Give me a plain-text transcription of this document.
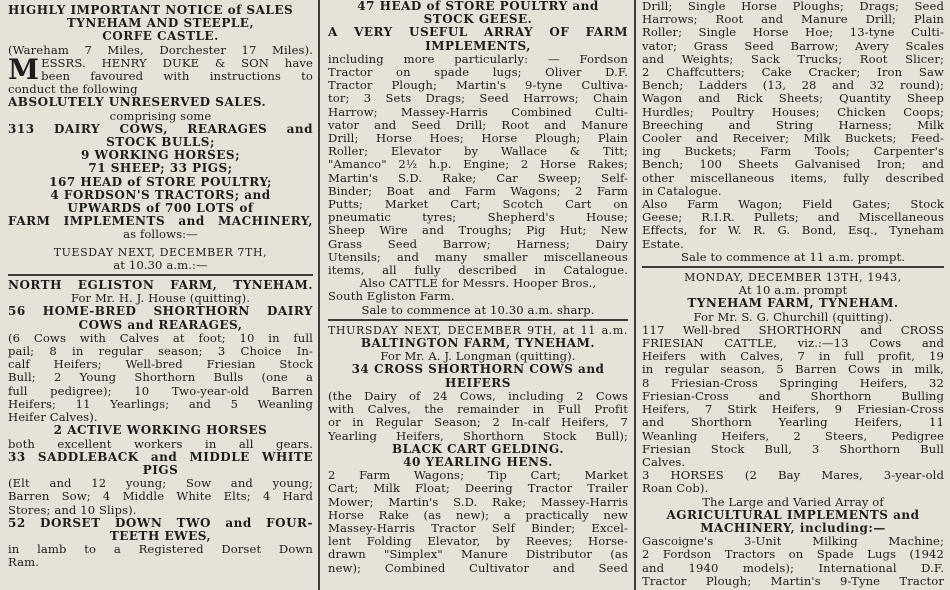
HIGHLY IMPORTANT NOTICE of SALES

TYNEHAM AND STEEPLE,

CORFE CASTLE.

(Wareham 7 Miles, Dorchester 17 Miles).

MESSRS. HENRY DUKE & SON have

been favoured with instructions to

conduct the following

ABSOLUTELY UNRESERVED SALES.

comprising some

313 DAIRY COWS, REARAGES and

STOCK BULLS;

9 WORKING HORSES;

71 SHEEP; 33 PIGS;

167 HEAD of STORE POULTRY;

4 FORDSON'S TRACTORS; and

UPWARDS of 700 LOTS of

FARM IMPLEMENTS and MACHINERY,

as follows:—

TUESDAY NEXT, DECEMBER 7TH,

at 10.30 a.m.:—

NORTH EGLISTON FARM, TYNEHAM.

For Mr. H. J. House (quitting).

56 HOME-BRED SHORTHORN DAIRY

COWS and REARAGES,

(6 Cows with Calves at foot; 10 in full

pail; 8 in regular season; 3 Choice In-

calf Heifers; Well-bred Friesian Stock

Bull; 2 Young Shorthorn Bulls (one a

full pedigree); 10 Two-year-old Barren

Heifers; 11 Yearlings; and 5 Weanling

Heifer Calves).

2 ACTIVE WORKING HORSES

both excellent workers in all gears.

33 SADDLEBACK and MIDDLE WHITE

PIGS

(Elt and 12 young; Sow and young;

Barren Sow; 4 Middle White Elts; 4 Hard

Stores; and 10 Slips).

52 DORSET DOWN TWO and FOUR-

TEETH EWES,

in lamb to a Registered Dorset Down

Ram.

47 HEAD of STORE POULTRY and

STOCK GEESE.

A VERY USEFUL ARRAY OF FARM

IMPLEMENTS,

including more particularly: — Fordson

Tractor on spade lugs; Oliver D.F.

Tractor Plough; Martin's 9-tyne Cultiva-

tor; 3 Sets Drags; Seed Harrows; Chain

Harrow; Massey-Harris Combined Culti-

vator and Seed Drill; Root and Manure

Drill; Horse Hoes; Horse Plough; Plain

Roller; Elevator by Wallace & Titt;

"Amanco" 2½ h.p. Engine; 2 Horse Rakes;

Martin's S.D. Rake; Car Sweep; Self-

Binder; Boat and Farm Wagons; 2 Farm

Putts; Market Cart; Scotch Cart on

pneumatic tyres; Shepherd's House;

Sheep Wire and Troughs; Pig Hut; New

Grass Seed Barrow; Harness; Dairy

Utensils; and many smaller miscellaneous

items, all fully described in Catalogue.

Also CATTLE for Messrs. Hooper Bros.,

South Egliston Farm.

Sale to commence at 10.30 a.m. sharp.

THURSDAY NEXT, DECEMBER 9TH, at 11 a.m.

BALTINGTON FARM, TYNEHAM.

For Mr. A. J. Longman (quitting).

34 CROSS SHORTHORN COWS and

HEIFERS

(the Dairy of 24 Cows, including 2 Cows

with Calves, the remainder in Full Profit

or in Regular Season; 2 In-calf Heifers, 7

Yearling Heifers, Shorthorn Stock Bull);

BLACK CART GELDING.

40 YEARLING HENS.

2 Farm Wagons; Tip Cart; Market

Cart; Milk Float; Deering Tractor Trailer

Mower; Martin's S.D. Rake; Massey-Harris

Horse Rake (as new); a practically new

Massey-Harris Tractor Self Binder; Excel-

lent Folding Elevator, by Reeves; Horse-

drawn "Simplex" Manure Distributor (as

new); Combined Cultivator and Seed

Drill; Single Horse Ploughs; Drags; Seed

Harrows; Root and Manure Drill; Plain

Roller; Single Horse Hoe; 13-tyne Culti-

vator; Grass Seed Barrow; Avery Scales

and Weights; Sack Trucks; Root Slicer;

2 Chaffcutters; Cake Cracker; Iron Saw

Bench; Ladders (13, 28 and 32 round);

Wagon and Rick Sheets; Quantity Sheep

Hurdles; Poultry Houses; Chicken Coops;

Breeching and String Harness; Milk

Cooler and Receiver; Milk Buckets; Feed-

ing Buckets; Farm Tools; Carpenter's

Bench; 100 Sheets Galvanised Iron; and

other miscellaneous items, fully described

in Catalogue.

Also Farm Wagon; Field Gates; Stock

Geese; R.I.R. Pullets; and Miscellaneous

Effects, for W. R. G. Bond, Esq., Tyneham

Estate.

Sale to commence at 11 a.m. prompt.

MONDAY, DECEMBER 13TH, 1943,

At 10 a.m. prompt

TYNEHAM FARM, TYNEHAM.

For Mr. S. G. Churchill (quitting).

117 Well-bred SHORTHORN and CROSS

FRIESIAN CATTLE, viz.:—13 Cows and

Heifers with Calves, 7 in full profit, 19

in regular season, 5 Barren Cows in milk,

8 Friesian-Cross Springing Heifers, 32

Friesian-Cross and Shorthorn Bulling

Heifers, 7 Stirk Heifers, 9 Friesian-Cross

and Shorthorn Yearling Heifers, 11

Weanling Heifers, 2 Steers, Pedigree

Friesian Stock Bull, 3 Shorthorn Bull

Calves.

3 HORSES (2 Bay Mares, 3-year-old

Roan Cob).

The Large and Varied Array of

AGRICULTURAL IMPLEMENTS and

MACHINERY, including:—

Gascoigne's 3-Unit Milking Machine;

2 Fordson Tractors on Spade Lugs (1942

and 1940 models); International D.F.

Tractor Plough; Martin's 9-Tyne Tractor
